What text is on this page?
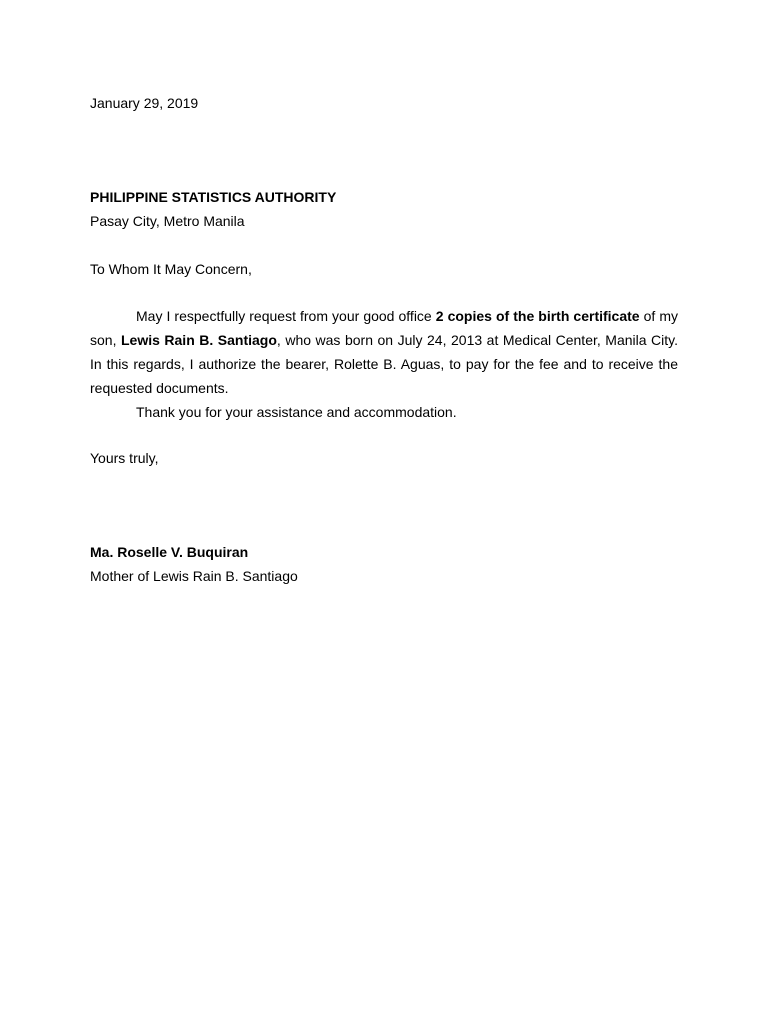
January 29, 2019
PHILIPPINE STATISTICS AUTHORITY
Pasay City, Metro Manila
To Whom It May Concern,

May I respectfully request from your good office 2 copies of the birth certificate of my son, Lewis Rain B. Santiago, who was born on July 24, 2013 at Medical Center, Manila City. In this regards, I authorize the bearer, Rolette B. Aguas, to pay for the fee and to receive the requested documents.

Thank you for your assistance and accommodation.

Yours truly,
Ma. Roselle V. Buquiran
Mother of Lewis Rain B. Santiago
